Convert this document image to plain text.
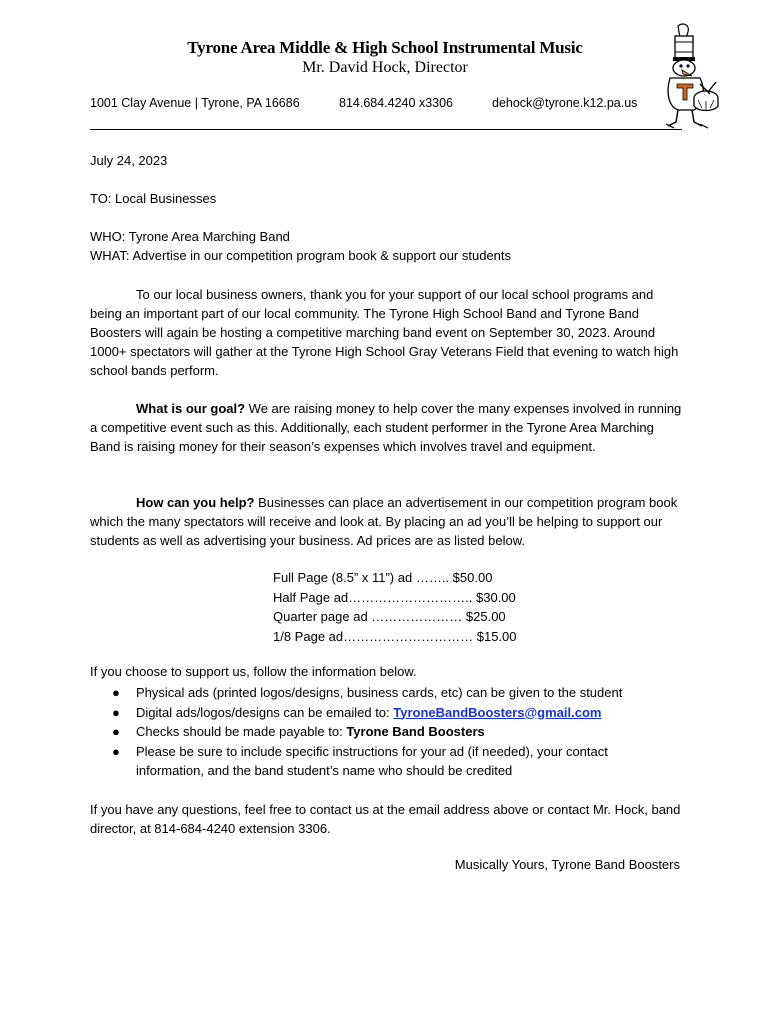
Tyrone Area Middle & High School Instrumental Music
Mr. David Hock, Director
1001 Clay Avenue | Tyrone, PA 16686	814.684.4240 x3306	dehock@tyrone.k12.pa.us
July 24, 2023
TO: Local Businesses
WHO: Tyrone Area Marching Band
WHAT: Advertise in our competition program book & support our students

To our local business owners, thank you for your support of our local school programs and being an important part of our local community. The Tyrone High School Band and Tyrone Band Boosters will again be hosting a competitive marching band event on September 30, 2023. Around 1000+ spectators will gather at the Tyrone High School Gray Veterans Field that evening to watch high school bands perform.

What is our goal? We are raising money to help cover the many expenses involved in running a competitive event such as this. Additionally, each student performer in the Tyrone Area Marching Band is raising money for their season’s expenses which involves travel and equipment.

How can you help? Businesses can place an advertisement in our competition program book which the many spectators will receive and look at. By placing an ad you’ll be helping to support our students as well as advertising your business. Ad prices are as listed below.

Full Page (8.5” x 11”) ad …….. $50.00
Half Page ad……………………….. $30.00
Quarter page ad ………………… $25.00
1/8 Page ad………………………… $15.00
If you choose to support us, follow the information below.
● Physical ads (printed logos/designs, business cards, etc) can be given to the student
● Digital ads/logos/designs can be emailed to: TyroneBandBoosters@gmail.com
● Checks should be made payable to: Tyrone Band Boosters
● Please be sure to include specific instructions for your ad (if needed), your contact information, and the band student’s name who should be credited
If you have any questions, feel free to contact us at the email address above or contact Mr. Hock, band director, at 814-684-4240 extension 3306.
Musically Yours, Tyrone Band Boosters
